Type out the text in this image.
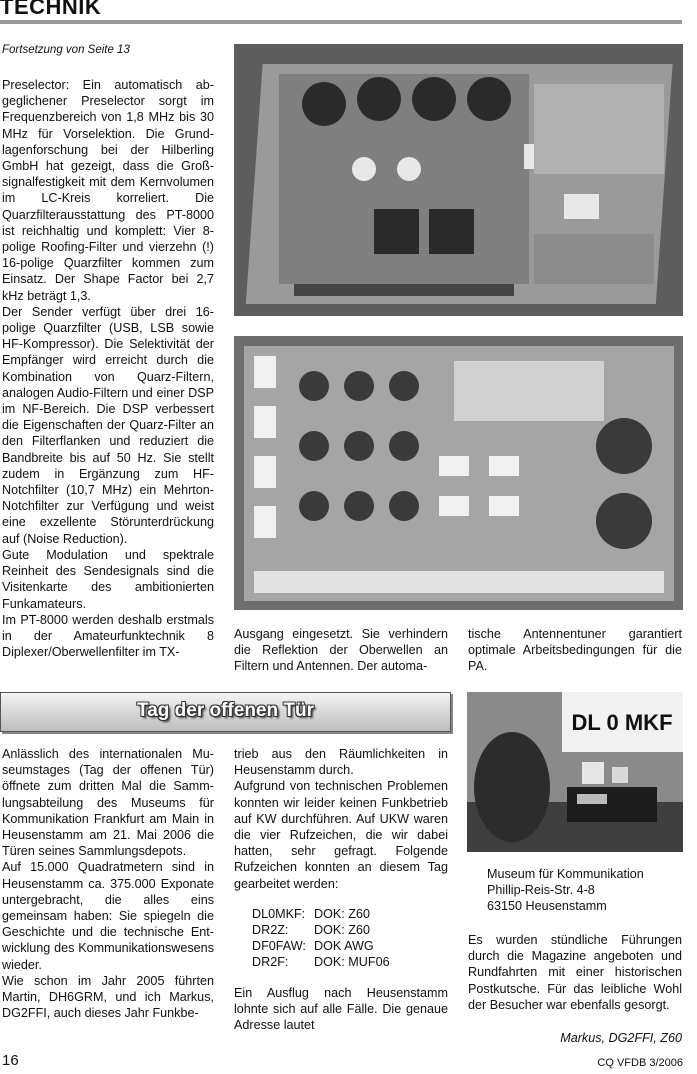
TECHNIK
Fortsetzung von Seite 13

Preselector: Ein automatisch abgeglichener Preselector sorgt im Frequenzbereich von 1,8 MHz bis 30 MHz für Vorselektion. Die Grundlagenforschung bei der Hilberling GmbH hat gezeigt, dass die Großsignalfestigkeit mit dem Kernvolumen im LC-Kreis korreliert. Die Quarzfilterausstattung des PT-8000 ist reichhaltig und komplett: Vier 8-polige Roofing-Filter und vierzehn (!) 16-polige Quarzfilter kommen zum Einsatz. Der Shape Factor bei 2,7 kHz beträgt 1,3.

Der Sender verfügt über drei 16-polige Quarzfilter (USB, LSB sowie HF-Kompressor). Die Selektivität der Empfänger wird erreicht durch die Kombination von Quarz-Filtern, analogen Audio-Filtern und einer DSP im NF-Bereich. Die DSP verbessert die Eigenschaften der Quarz-Filter an den Filterflanken und reduziert die Bandbreite bis auf 50 Hz. Sie stellt zudem in Ergänzung zum HF-Notchfilter (10,7 MHz) ein Mehrton-Notchfilter zur Verfügung und weist eine exzellente Störunterdrückung auf (Noise Reduction).

Gute Modulation und spektrale Reinheit des Sendesignals sind die Visitenkarte des ambitionierten Funkamateurs.

Im PT-8000 werden deshalb erstmals in der Amateurfunktechnik 8 Diplexer/Oberwellenfilter im TX-

Ausgang eingesetzt. Sie verhindern die Reflektion der Oberwellen an Filtern und Antennen. Der automa-
tische Antennentuner garantiert optimale Arbeitsbedingungen für die PA.
Tag der offenen Tür

Anlässlich des internationalen Museumstages (Tag der offenen Tür) öffnete zum dritten Mal die Sammlungsabteilung des Museums für Kommunikation Frankfurt am Main in Heusenstamm am 21. Mai 2006 die Türen seines Sammlungsdepots.

Auf 15.000 Quadratmetern sind in Heusenstamm ca. 375.000 Exponate untergebracht, die alles eins gemeinsam haben: Sie spiegeln die Geschichte und die technische Entwicklung des Kommunikationswesens wieder.

Wie schon im Jahr 2005 führten Martin, DH6GRM, und ich Markus, DG2FFI, auch dieses Jahr Funkbe-

trieb aus den Räumlichkeiten in Heusenstamm durch.

Aufgrund von technischen Problemen konnten wir leider keinen Funkbetrieb auf KW durchführen. Auf UKW waren die vier Rufzeichen, die wir dabei hatten, sehr gefragt. Folgende Rufzeichen konnten an diesem Tag gearbeitet werden:

DL0MKF: DOK: Z60
DR2Z: DOK: Z60
DF0FAW: DOK AWG
DR2F: DOK: MUF06

Ein Ausflug nach Heusenstamm lohnte sich auf alle Fälle. Die genaue Adresse lautet

DL 0 MKF
Museum für Kommunikation
Phillip-Reis-Str. 4-8
63150 Heusenstamm
Es wurden stündliche Führungen durch die Magazine angeboten und Rundfahrten mit einer historischen Postkutsche. Für das leibliche Wohl der Besucher war ebenfalls gesorgt.
Markus, DG2FFI, Z60
16	CQ VFDB 3/2006
